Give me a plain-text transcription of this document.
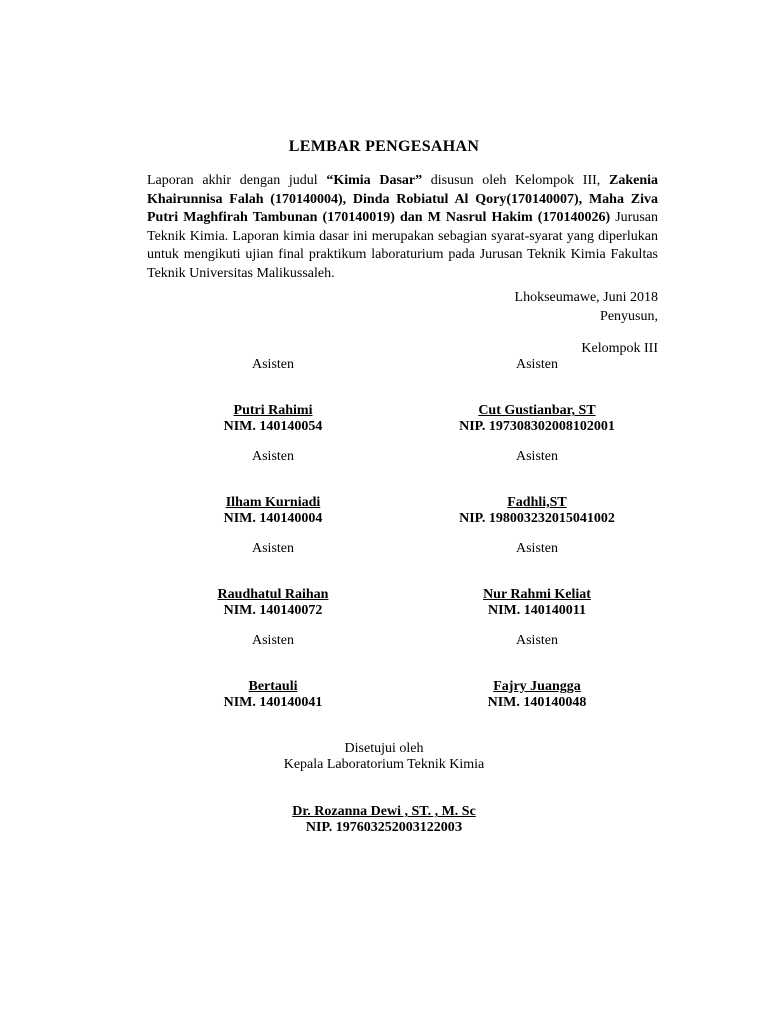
LEMBAR PENGESAHAN
Laporan akhir dengan judul “Kimia Dasar” disusun oleh Kelompok III, Zakenia Khairunnisa Falah (170140004), Dinda Robiatul Al Qory(170140007), Maha Ziva Putri Maghfirah Tambunan (170140019) dan M Nasrul Hakim (170140026) Jurusan Teknik Kimia. Laporan kimia dasar ini merupakan sebagian syarat-syarat yang diperlukan untuk mengikuti ujian final praktikum laboraturium pada Jurusan Teknik Kimia Fakultas Teknik Universitas Malikussaleh.
Lhokseumawe, Juni 2018
Penyusun,
Kelompok III
Asisten
Putri Rahimi
NIM. 140140054
Asisten
Cut Gustianbar, ST
NIP. 197308302008102001
Asisten
Ilham Kurniadi
NIM. 140140004
Asisten
Fadhli,ST
NIP. 198003232015041002
Asisten
Raudhatul Raihan
NIM. 140140072
Asisten
Nur Rahmi Keliat
NIM. 140140011
Asisten
Bertauli
NIM. 140140041
Asisten
Fajry Juangga
NIM. 140140048
Disetujui oleh
Kepala Laboratorium Teknik Kimia
Dr. Rozanna Dewi , ST. , M. Sc
NIP. 19760325200312200З
